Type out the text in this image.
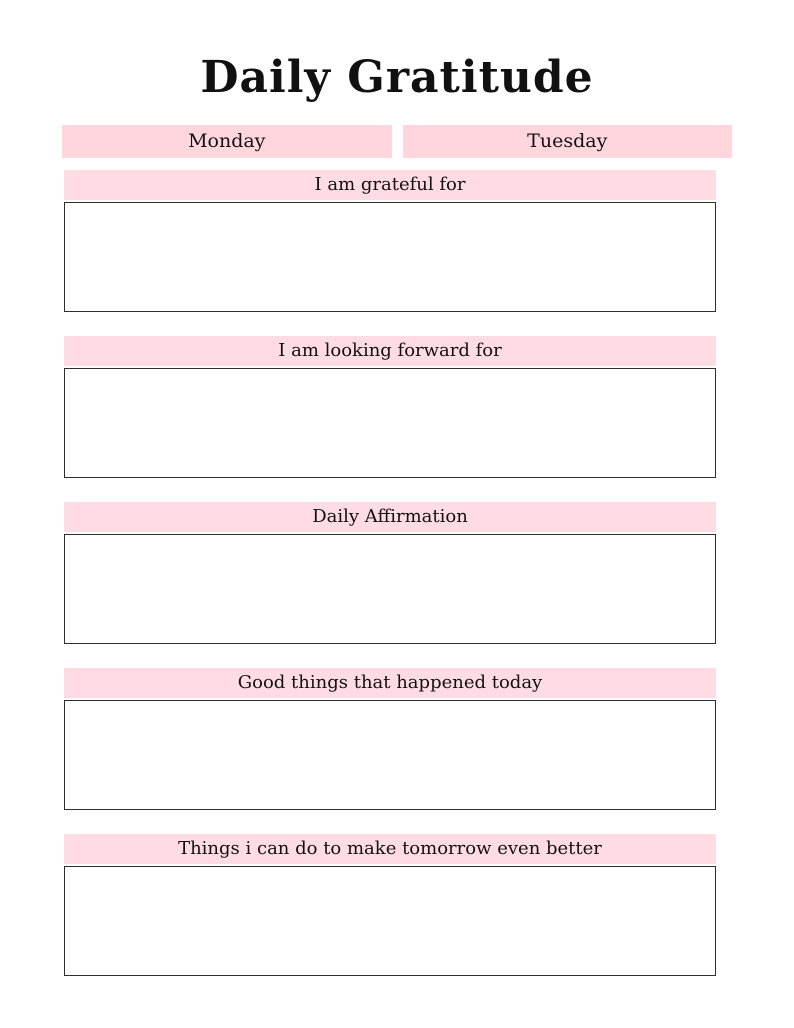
Daily Gratitude
Monday	Tuesday
I am grateful for
I am looking forward for
Daily Affirmation
Good things that happened today
Things i can do to make tomorrow even better
